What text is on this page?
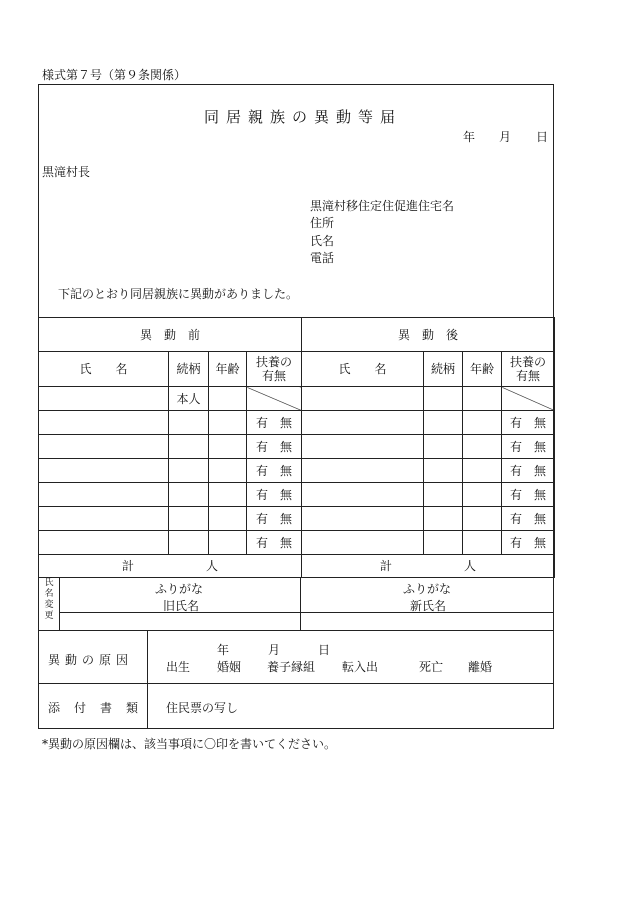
様式第７号（第９条関係）
同居親族の異動等届
年 月 日
黒滝村長
黒滝村移住定住促進住宅名
住所
氏名
電話
下記のとおり同居親族に異動がありました。
異　動　前				異　動　後			
氏　　名	続柄	年齢	扶養の有無	氏　　名	続柄	年齢	扶養の有無
	本人						
			有　 無				有　 無
			有　 無				有　 無
			有　 無				有　 無
			有　 無				有　 無
			有　 無				有　 無
			有　 無				有　 無
計　　　　　　 人				計　　　　　　 人			
氏名変更
ふりがな
旧氏名
ふりがな
新氏名
異動の原因
年	月	日
出生 婚姻 養子縁組 転入出	死亡 離婚
添付書類 住民票の写し
*異動の原因欄は、該当事項に〇印を書いてください。
